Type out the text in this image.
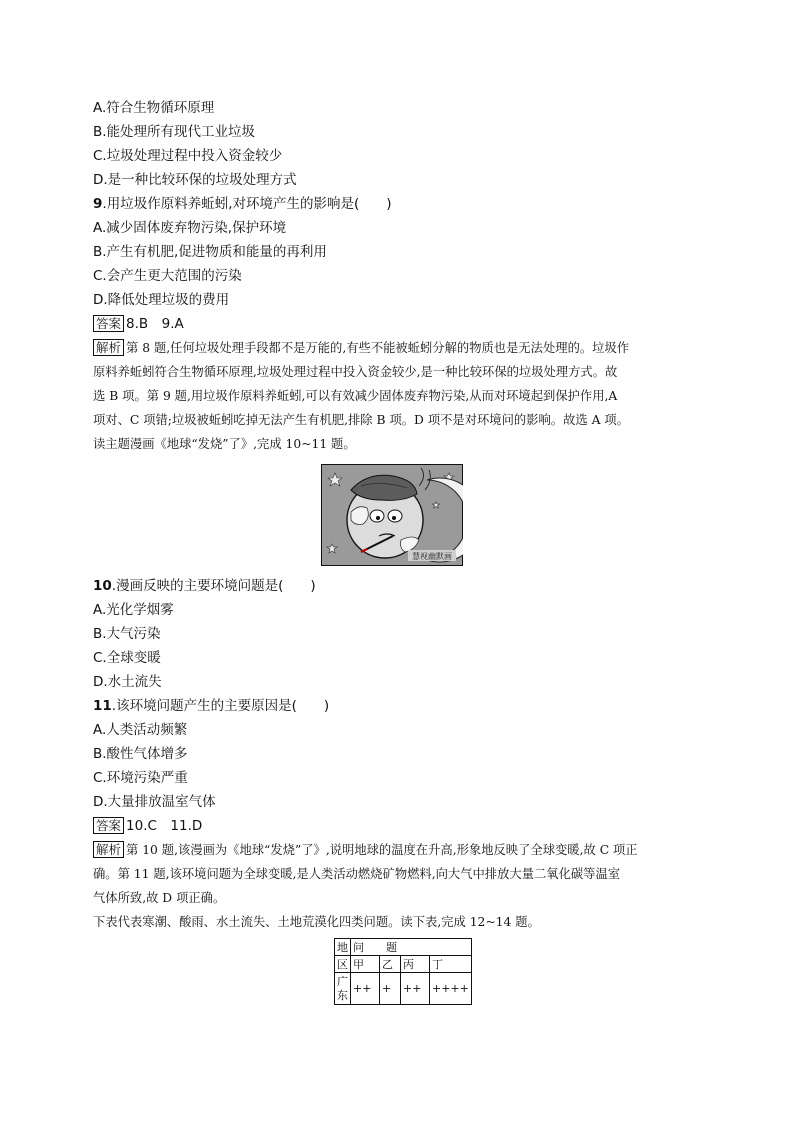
A.符合生物循环原理
B.能处理所有现代工业垃圾
C.垃圾处理过程中投入资金较少
D.是一种比较环保的垃圾处理方式
9.用垃圾作原料养蚯蚓,对环境产生的影响是(　　)
A.减少固体废弃物污染,保护环境
B.产生有机肥,促进物质和能量的再利用
C.会产生更大范围的污染
D.降低处理垃圾的费用
答案 8.B　9.A
解析 第 8 题,任何垃圾处理手段都不是万能的,有些不能被蚯蚓分解的物质也是无法处理的。垃圾作
原料养蚯蚓符合生物循环原理,垃圾处理过程中投入资金较少,是一种比较环保的垃圾处理方式。故
选 B 项。第 9 题,用垃圾作原料养蚯蚓,可以有效减少固体废弃物污染,从而对环境起到保护作用,A
项对、C 项错;垃圾被蚯蚓吃掉无法产生有机肥,排除 B 项。D 项不是对环境问的影响。故选 A 项。
读主题漫画《地球“发烧”了》,完成 10~11 题。
慧视幽默画
10.漫画反映的主要环境问题是(　　)
A.光化学烟雾
B.大气污染
C.全球变暖
D.水土流失
11.该环境问题产生的主要原因是(　　)
A.人类活动频繁
B.酸性气体增多
C.环境污染严重
D.大量排放温室气体
答案 10.C　11.D
解析 第 10 题,该漫画为《地球“发烧”了》,说明地球的温度在升高,形象地反映了全球变暖,故 C 项正
确。第 11 题,该环境问题为全球变暖,是人类活动燃烧矿物燃料,向大气中排放大量二氧化碳等温室
气体所致,故 D 项正确。
下表代表寒潮、酸雨、水土流失、土地荒漠化四类问题。读下表,完成 12~14 题。
地	问　　题			
区	甲	乙	丙	丁
广
东	++	+	++	++++
